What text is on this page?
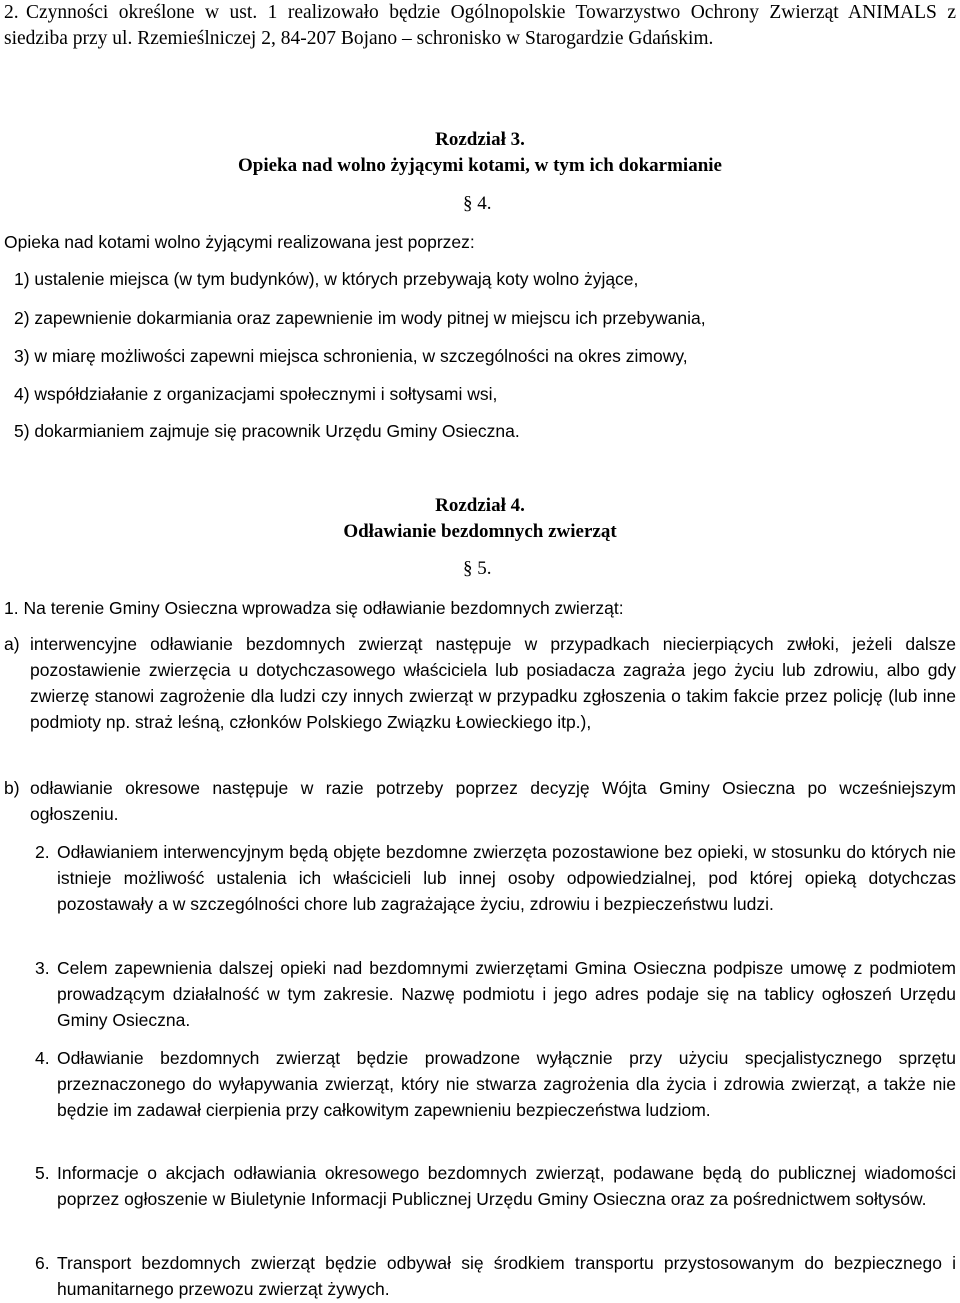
2. Czynności określone w ust. 1 realizowało będzie Ogólnopolskie Towarzystwo Ochrony Zwierząt ANIMALS z siedziba przy ul. Rzemieślniczej 2, 84-207 Bojano – schronisko w Starogardzie Gdańskim.
Rozdział 3.
Opieka nad wolno żyjącymi kotami, w tym ich dokarmianie
§ 4.
Opieka nad kotami wolno żyjącymi realizowana jest poprzez:
1) ustalenie miejsca (w tym budynków), w których przebywają koty wolno żyjące,
2) zapewnienie dokarmiania oraz zapewnienie im wody pitnej w miejscu ich przebywania,
3) w miarę możliwości zapewni miejsca schronienia, w szczególności na okres zimowy,
4) współdziałanie z organizacjami społecznymi i sołtysami wsi,
5) dokarmianiem zajmuje się pracownik Urzędu Gminy Osieczna.
Rozdział 4.
Odławianie bezdomnych zwierząt
§ 5.
1. Na terenie Gminy Osieczna wprowadza się odławianie bezdomnych zwierząt:
a) interwencyjne odławianie bezdomnych zwierząt następuje w przypadkach niecierpiących zwłoki, jeżeli dalsze pozostawienie zwierzęcia u dotychczasowego właściciela lub posiadacza zagraża jego życiu lub zdrowiu, albo gdy zwierzę stanowi zagrożenie dla ludzi czy innych zwierząt w przypadku zgłoszenia o takim fakcie przez policję (lub inne podmioty np. straż leśną, członków Polskiego Związku Łowieckiego itp.),
b) odławianie okresowe następuje w razie potrzeby poprzez decyzję Wójta Gminy Osieczna po wcześniejszym ogłoszeniu.
2. Odławianiem interwencyjnym będą objęte bezdomne zwierzęta pozostawione bez opieki, w stosunku do których nie istnieje możliwość ustalenia ich właścicieli lub innej osoby odpowiedzialnej, pod której opieką dotychczas pozostawały a w szczególności chore lub zagrażające życiu, zdrowiu i bezpieczeństwu ludzi.
3. Celem zapewnienia dalszej opieki nad bezdomnymi zwierzętami Gmina Osieczna podpisze umowę z podmiotem prowadzącym działalność w tym zakresie. Nazwę podmiotu i jego adres podaje się na tablicy ogłoszeń Urzędu Gminy Osieczna.
4. Odławianie bezdomnych zwierząt będzie prowadzone wyłącznie przy użyciu specjalistycznego sprzętu przeznaczonego do wyłapywania zwierząt, który nie stwarza zagrożenia dla życia i zdrowia zwierząt, a także nie będzie im zadawał cierpienia przy całkowitym zapewnieniu bezpieczeństwa ludziom.
5. Informacje o akcjach odławiania okresowego bezdomnych zwierząt, podawane będą do publicznej wiadomości poprzez ogłoszenie w Biuletynie Informacji Publicznej Urzędu Gminy Osieczna oraz za pośrednictwem sołtysów.
6. Transport bezdomnych zwierząt będzie odbywał się środkiem transportu przystosowanym do bezpiecznego i humanitarnego przewozu zwierząt żywych.
